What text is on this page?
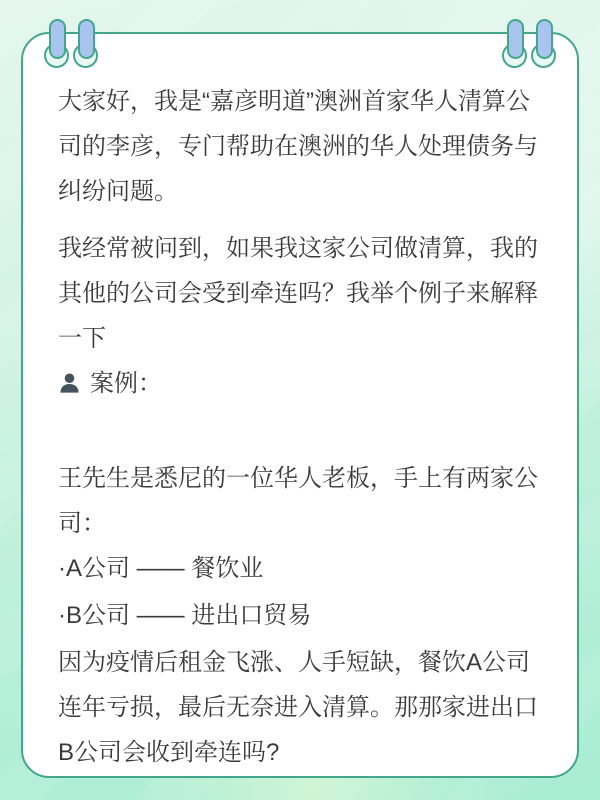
大家好，我是“嘉彦明道”澳洲首家华人清算公司的李彦，专门帮助在澳洲的华人处理债务与纠纷问题。

我经常被问到，如果我这家公司做清算，我的其他的公司会受到牵连吗？我举个例子来解释一下

案例：

王先生是悉尼的一位华人老板，手上有两家公司：

·A公司 —— 餐饮业

·B公司 —— 进出口贸易

因为疫情后租金飞涨、人手短缺，餐饮A公司连年亏损，最后无奈进入清算。那那家进出口B公司会收到牵连吗?
